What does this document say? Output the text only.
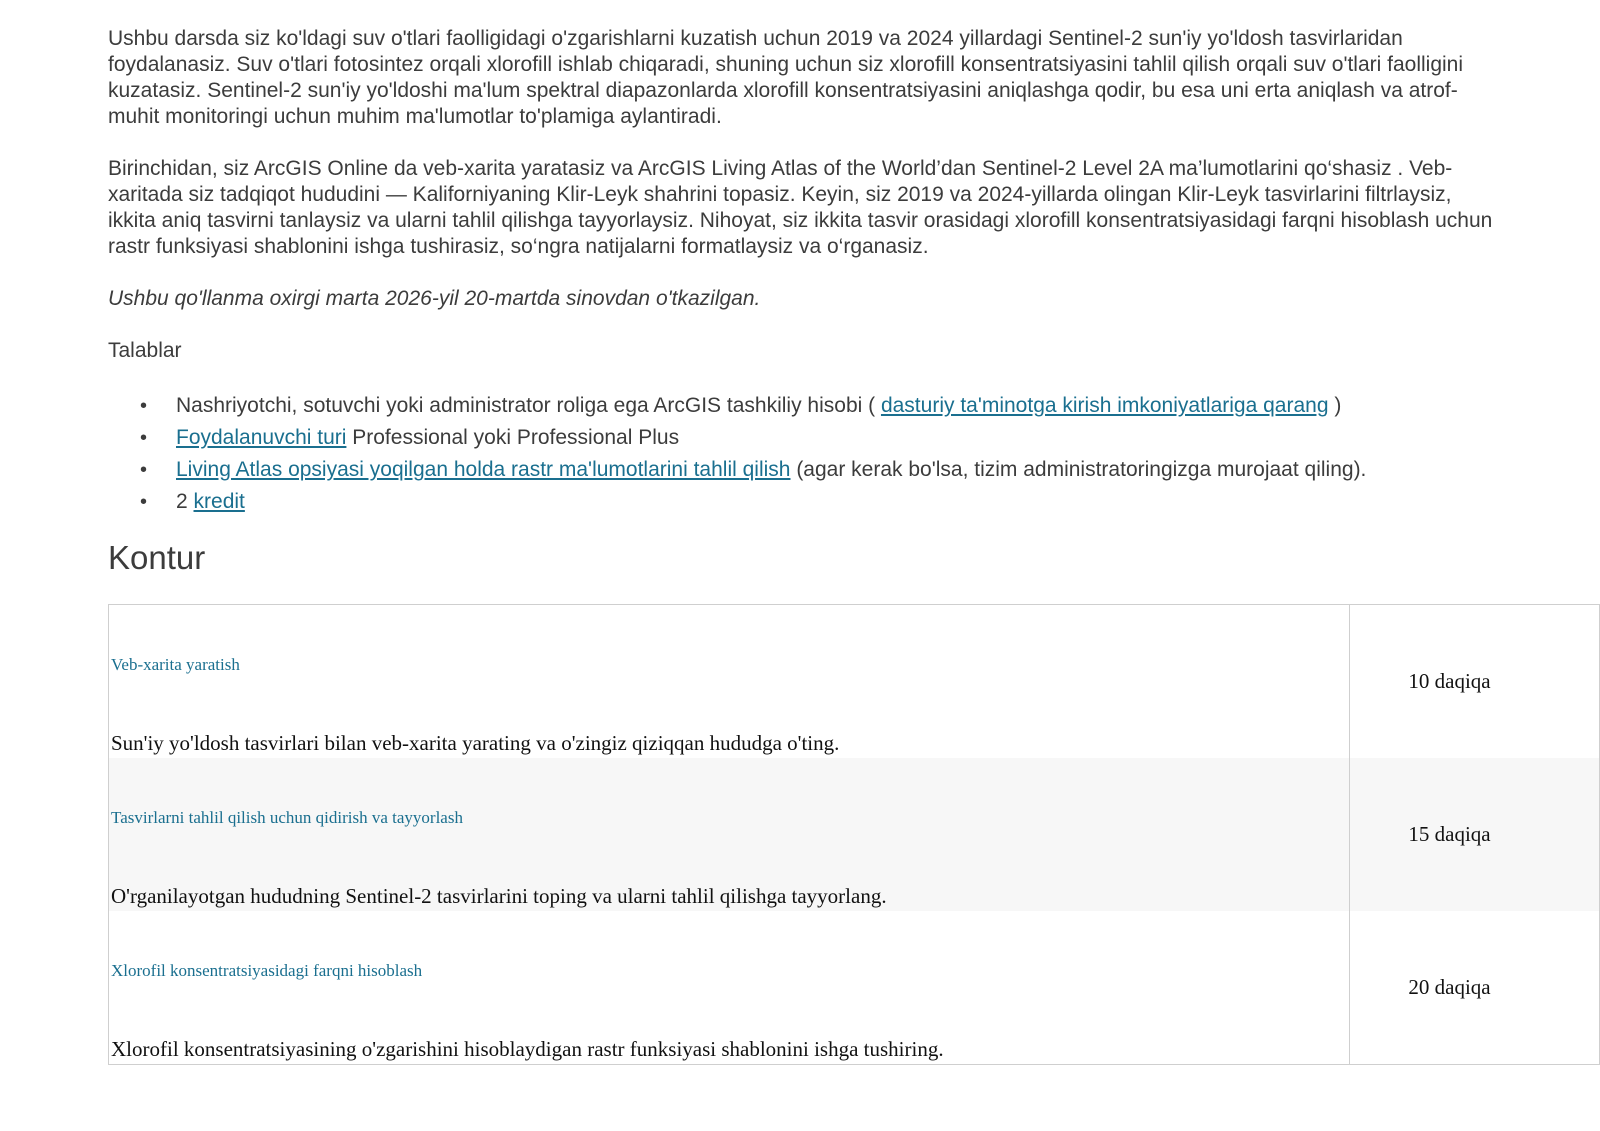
Ushbu darsda siz ko'ldagi suv o'tlari faolligidagi o'zgarishlarni kuzatish uchun 2019 va 2024 yillardagi Sentinel-2 sun'iy yo'ldosh tasvirlaridan foydalanasiz. Suv o'tlari fotosintez orqali xlorofill ishlab chiqaradi, shuning uchun siz xlorofill konsentratsiyasini tahlil qilish orqali suv o'tlari faolligini kuzatasiz. Sentinel-2 sun'iy yo'ldoshi ma'lum spektral diapazonlarda xlorofill konsentratsiyasini aniqlashga qodir, bu esa uni erta aniqlash va atrof-muhit monitoringi uchun muhim ma'lumotlar to'plamiga aylantiradi.

Birinchidan, siz ArcGIS Online da veb-xarita yaratasiz va ArcGIS Living Atlas of the World’dan Sentinel-2 Level 2A ma’lumotlarini qo‘shasiz . Veb-xaritada siz tadqiqot hududini — Kaliforniyaning Klir-Leyk shahrini topasiz. Keyin, siz 2019 va 2024-yillarda olingan Klir-Leyk tasvirlarini filtrlaysiz, ikkita aniq tasvirni tanlaysiz va ularni tahlil qilishga tayyorlaysiz. Nihoyat, siz ikkita tasvir orasidagi xlorofill konsentratsiyasidagi farqni hisoblash uchun rastr funksiyasi shablonini ishga tushirasiz, so‘ngra natijalarni formatlaysiz va o‘rganasiz.

Ushbu qo'llanma oxirgi marta 2026-yil 20-martda sinovdan o'tkazilgan.

Talablar
• Nashriyotchi, sotuvchi yoki administrator roliga ega ArcGIS tashkiliy hisobi ( dasturiy ta'minotga kirish imkoniyatlariga qarang )
• Foydalanuvchi turi Professional yoki Professional Plus
• Living Atlas opsiyasi yoqilgan holda rastr ma'lumotlarini tahlil qilish (agar kerak bo'lsa, tizim administratoringizga murojaat qiling).
• 2 kredit
Kontur
Veb-xarita yaratish
Sun'iy yo'ldosh tasvirlari bilan veb-xarita yarating va o'zingiz qiziqqan hududga o'ting.	10 daqiqa

Tasvirlarni tahlil qilish uchun qidirish va tayyorlash
O'rganilayotgan hududning Sentinel-2 tasvirlarini toping va ularni tahlil qilishga tayyorlang.	15 daqiqa

Xlorofil konsentratsiyasidagi farqni hisoblash
Xlorofil konsentratsiyasining o'zgarishini hisoblaydigan rastr funksiyasi shablonini ishga tushiring.	20 daqiqa
